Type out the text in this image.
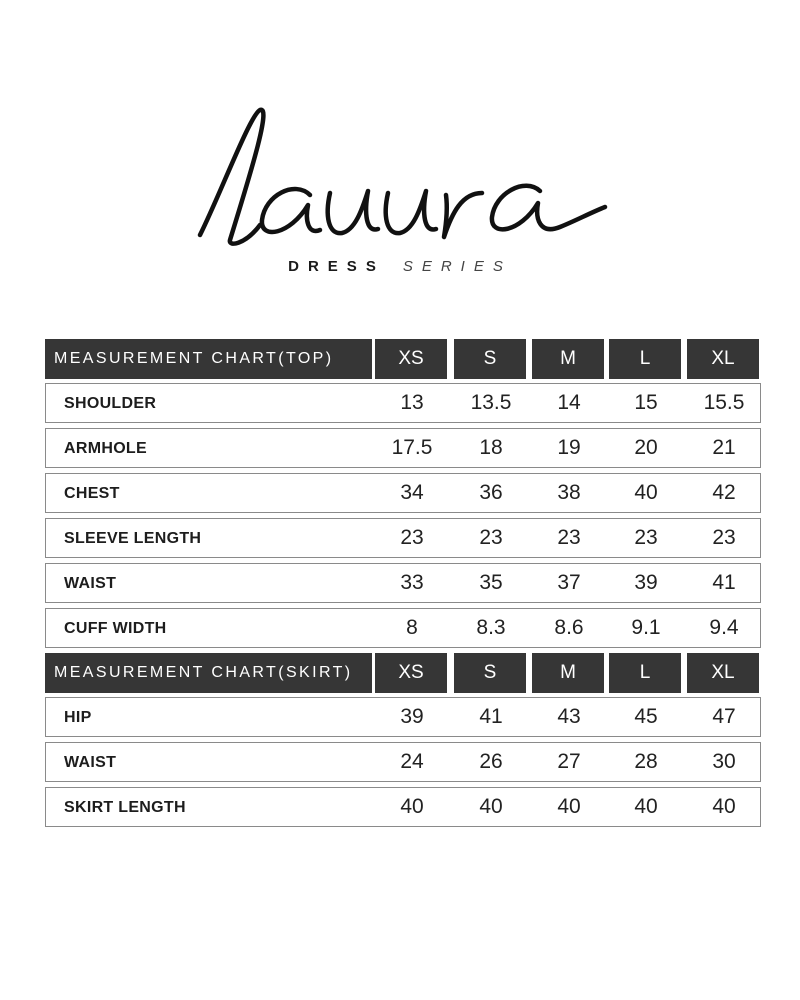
DRESS SERIES
MEASUREMENT CHART(TOP)	XS	S	M	L	XL
SHOULDER	13	13.5	14	15	15.5
ARMHOLE	17.5	18	19	20	21
CHEST	34	36	38	40	42
SLEEVE LENGTH	23	23	23	23	23
WAIST	33	35	37	39	41
CUFF WIDTH	8	8.3	8.6	9.1	9.4
MEASUREMENT CHART(SKIRT)	XS	S	M	L	XL
HIP	39	41	43	45	47
WAIST	24	26	27	28	30
SKIRT LENGTH	40	40	40	40	40
